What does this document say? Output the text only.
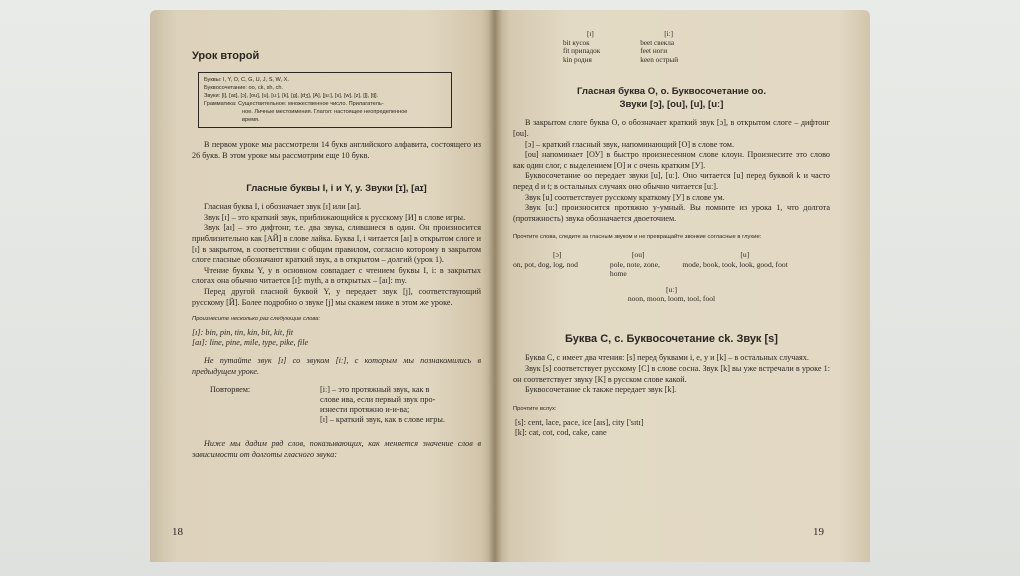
Урок второй
Буквы: I, Y, O, C, G, U, J, S, W, X.
Буквосочетание: oo, ck, sh, ch.
Звуки: [i], [aɪ], [ɔ], [ou], [u], [uː], [k], [g], [dʒ], [A], [juː], [s], [w], [z], [ʃ], [tʃ].
Грамматика: Существительное: множественное число. Прилагатель-
ное. Личные местоимения. Глагол: настоящее неопределенное
время.

В первом уроке мы рассмотрели 14 букв английского алфавита, состоящего из 26 букв. В этом уроке мы рассмотрим еще 10 букв.

Гласные буквы I, i и Y, y. Звуки [ɪ], [aɪ]

Гласная буква I, i обозначает звук [ɪ] или [aɪ].

Звук [ɪ] – это краткий звук, приближающийся к русскому [И] в слове игры.

Звук [aɪ] – это дифтонг, т.е. два звука, слившиеся в один. Он произносится приблизительно как [АЙ] в слове лайка. Буква I, i читается [aɪ] в открытом слоге и [ɪ] в закрытом, в соответствии с общим правилом, согласно которому в закрытом слоге гласные обозначают краткий звук, а в открытом – долгий (урок 1).

Чтение буквы Y, y в основном совпадает с чтением буквы I, i: в закрытых слогах она обычно читается [ɪ]: myth, а в открытых – [aɪ]: my.

Перед другой гласной буквой Y, y передает звук [j], соответствующий русскому [Й]. Более подробно о звуке [j] мы скажем ниже в этом же уроке.

Произнесите несколько раз следующие слова:
[ɪ]: bin, pin, tin, kin, bit, kit, fit
[aɪ]: line, pine, mile, type, pike, file

Не путайте звук [ɪ] со звуком [iː], с которым мы познакомились в предыдущем уроке.

Повторяем:	[iː] – это протяжный звук, как в
слове ива, если первый звук про-
изнести протяжно и-и-ва;
[ɪ] – краткий звук, как в слове игры.

Ниже мы дадим ряд слов, показывающих, как меняется значение слов в зависимости от долготы гласного звука:

18
[ɪ]
bit кусок
fit припадок
kin родня
[iː]
beet свекла
feet ноги
keen острый
Гласная буква O, o. Буквосочетание oo.
Звуки [ɔ], [ou], [u], [uː]

В закрытом слоге буква O, o обозначает краткий звук [ɔ], в открытом слоге – дифтонг [ou].

[ɔ] – краткий гласный звук, напоминающий [О] в слове том.

[ou] напоминает [ОУ] в быстро произнесенном слове клоун. Произнесите это слово как один слог, с выделением [О] и с очень кратким [У].

Буквосочетание oo передает звуки [u], [uː]. Оно читается [u] перед буквой k и часто перед d и t; в остальных случаях оно обычно читается [uː].

Звук [u] соответствует русскому краткому [У] в слове ум.

Звук [uː] произносится протяжно у-умный. Вы помните из урока 1, что долгота (протяжность) звука обозначается двоеточием.

Прочтите слова, следите за гласным звуком и не превращайте звонкие согласные в глухие:
[ɔ]
on, pot, dog, log, nod
[ou]
pole, note, zone, home
[u]
mode, book, took, look, good, foot
[uː]
noon, moon, loom, tool, fool
Буква C, c. Буквосочетание ck. Звук [s]

Буква C, c имеет два чтения: [s] перед буквами i, e, y и [k] – в остальных случаях.

Звук [s] соответствует русскому [С] в слове сосна. Звук [k] вы уже встречали в уроке 1: он соответствует звуку [К] в русском слове какой.

Буквосочетание ck также передает звук [k].

Прочтите вслух:
[s]: cent, lace, pace, ice [aɪs], city ['sɪtɪ]
[k]: cat, cot, cod, cake, cane
19
